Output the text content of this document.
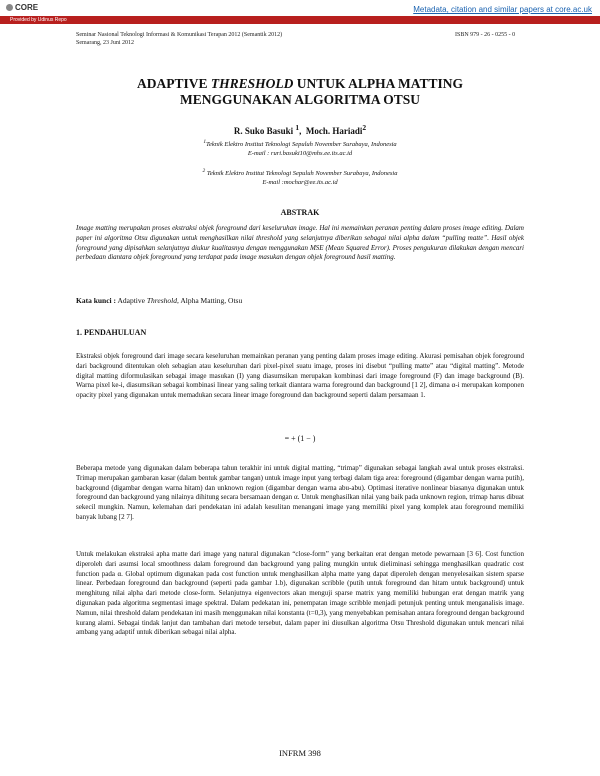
CORE	Metadata, citation and similar papers at core.ac.uk
Provided by Udinus Repo
Seminar Nasional Teknologi Informasi & Komunikasi Terapan 2012 (Semantik 2012)
Semarang, 23 Juni 2012
ISBN 979 - 26 - 0255 - 0
ADAPTIVE THRESHOLD UNTUK ALPHA MATTING
MENGGUNAKAN ALGORITMA OTSU
R. Suko Basuki $^1$,  Moch. Hariadi$^2$
$^1$Teknik Elektro Institut Teknologi Sepuluh November Surabaya, Indonesia
E-mail : ruri.basuki10@mhs.ee.its.ac.id
$^2$ Teknik Elektro Institut Teknologi Sepuluh November Surabaya, Indonesia
E-mail :mochar@ee.its.ac.id
ABSTRAK
Image matting merupakan proses ekstraksi objek foreground dari keseluruhan image. Hal ini memainkan peranan penting dalam proses image editing. Dalam paper ini algoritma Otsu digunakan untuk menghasilkan nilai threshold yang selanjutnya diberikan sebagai nilai alpha dalam “pulling matte”. Hasil objek foreground yang dipisahkan selanjutnya diukur kualitasnya dengan menggunakan MSE (Mean Squared Error). Proses pengukuran dilakukan dengan mencari perbedaan diantara objek foreground yang terdapat pada image masukan dengan objek foreground hasil matting.
Kata kunci : Adaptive Threshold, Alpha Matting, Otsu
1. PENDAHULUAN
Ekstraksi objek foreground dari image secara keseluruhan memainkan peranan yang penting dalam proses image editing. Akurasi pemisahan objek foreground dari background ditentukan oleh sebagian atau keseluruhan dari pixel-pixel suatu image, proses ini disebut “pulling matte” atau “digital matting”. Metode digital matting diformulasikan sebagai image masukan (I) yang diasumsikan merupakan kombinasi dari image foreground (F) dan image background (B). Warna pixel ke-i, diasumsikan sebagai kombinasi linear yang saling terkait diantara warna foreground dan background [1 2], dimana α-i merupakan komponen opacity pixel yang digunakan untuk memadukan secara linear image foreground dan background seperti dalam persamaan 1.
= + (1 − )
Beberapa metode yang digunakan dalam beberapa tahun terakhir ini untuk digital matting, “trimap” digunakan sebagai langkah awal untuk proses ekstraksi. Trimap merupakan gambaran kasar (dalam bentuk gambar tangan) untuk image input yang terbagi dalam tiga area: foreground (digambar dengan warna putih), background (digambar dengan warna hitam) dan unknown region (digambar dengan warna abu-abu). Optimasi iterative nonlinear biasanya digunakan untuk foreground dan background yang nilainya dihitung secara bersamaan dengan α. Untuk menghasilkan nilai yang baik pada unknown region, trimap harus dibuat sekecil mungkin. Namun, kelemahan dari pendekatan ini adalah kesulitan menangani image yang memiliki pixel yang komplek atau foreground memiliki banyak lubang [2 7].
Untuk melakukan ekstraksi apha matte dari image yang natural digunakan “close-form” yang berkaitan erat dengan metode pewarnaan [3 6]. Cost function diperoleh dari asumsi local smoothness dalam foreground dan background yang paling mungkin untuk dieliminasi sehingga menghasilkan quadratic cost function pada α. Global optimum digunakan pada cost function untuk menghasilkan alpha matte yang dapat diperoleh dengan menyelesaikan sistem sparse linear. Perbedaan foreground dan background (seperti pada gambar 1.b), digunakan scribble (putih untuk foreground dan hitam untuk background) untuk menghitung nilai alpha dari metode close-form. Selanjutnya eigenvectors akan menguji sparse matrix yang memiliki hubungan erat dengan matrik yang digunakan pada algoritma segmentasi image spektral. Dalam pedekatan ini, penempatan image scribble menjadi petunjuk penting untuk menganalisis image. Namun, nilai threshold dalam pendekatan ini masih menggunakan nilai konstanta (t=0,3), yang menyebabkan pemisahan antara foreground dengan background kurang alami. Sebagai tindak lanjut dan tambahan dari metode tersebut, dalam paper ini diusulkan algoritma Otsu Threshold digunakan untuk mencari nilai ambang yang adaptif untuk diberikan sebagai nilai alpha.
INFRM 398
